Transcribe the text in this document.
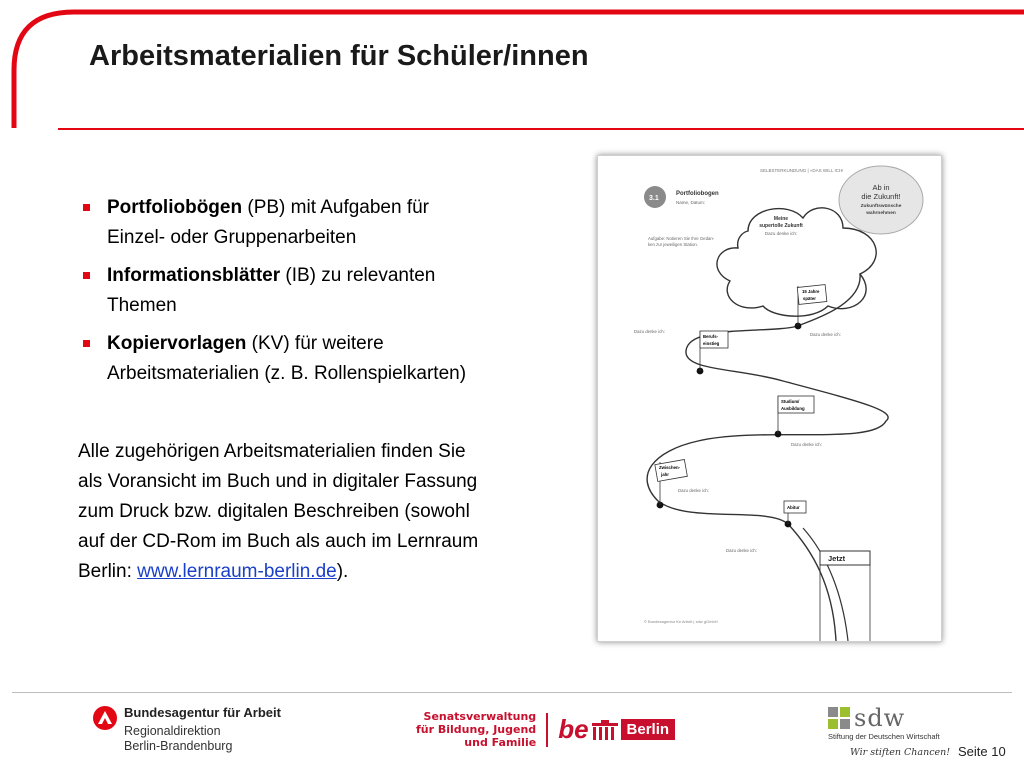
Arbeitsmaterialien für Schüler/innen
Portfoliobögen (PB) mit Aufgaben für
Einzel- oder Gruppenarbeiten
Informationsblätter (IB) zu relevanten
Themen
Kopiervorlagen (KV) für weitere
Arbeitsmaterialien (z. B. Rollenspielkarten)
Alle zugehörigen Arbeitsmaterialien finden Sie
als Voransicht im Buch und in digitaler Fassung
zum Druck bzw. digitalen Beschreiben (sowohl
auf der CD-Rom im Buch als auch im Lernraum
Berlin: www.lernraum-berlin.de).
SELBSTERKUNDUNG | »DAS WILL ICH!
3.1
Portfoliobogen
Name, Datum:
Aufgabe: Notieren Sie Ihre Gedan-
ken zur jeweiligen Station.
Ab in
die Zukunft!
Zukunftswünsche
wahrnehmen
Meine
supertolle Zukunft
Dazu denke ich:
15 Jahre
später
Berufs-
einstieg
Studium/
Ausbildung
Zwischen-
jahr
Abitur
Jetzt
Dazu denke ich:
Dazu denke ich:
Dazu denke ich:
Dazu denke ich:
Dazu denke ich:
© Bundesagentur für Arbeit | sdw gGmbH
Bundesagentur für Arbeit
Regionaldirektion
Berlin-Brandenburg
Senatsverwaltung
für Bildung, Jugend
und Familie be	Berlin	sdw
Stiftung der Deutschen Wirtschaft
Wir stiften Chancen! Seite 10
